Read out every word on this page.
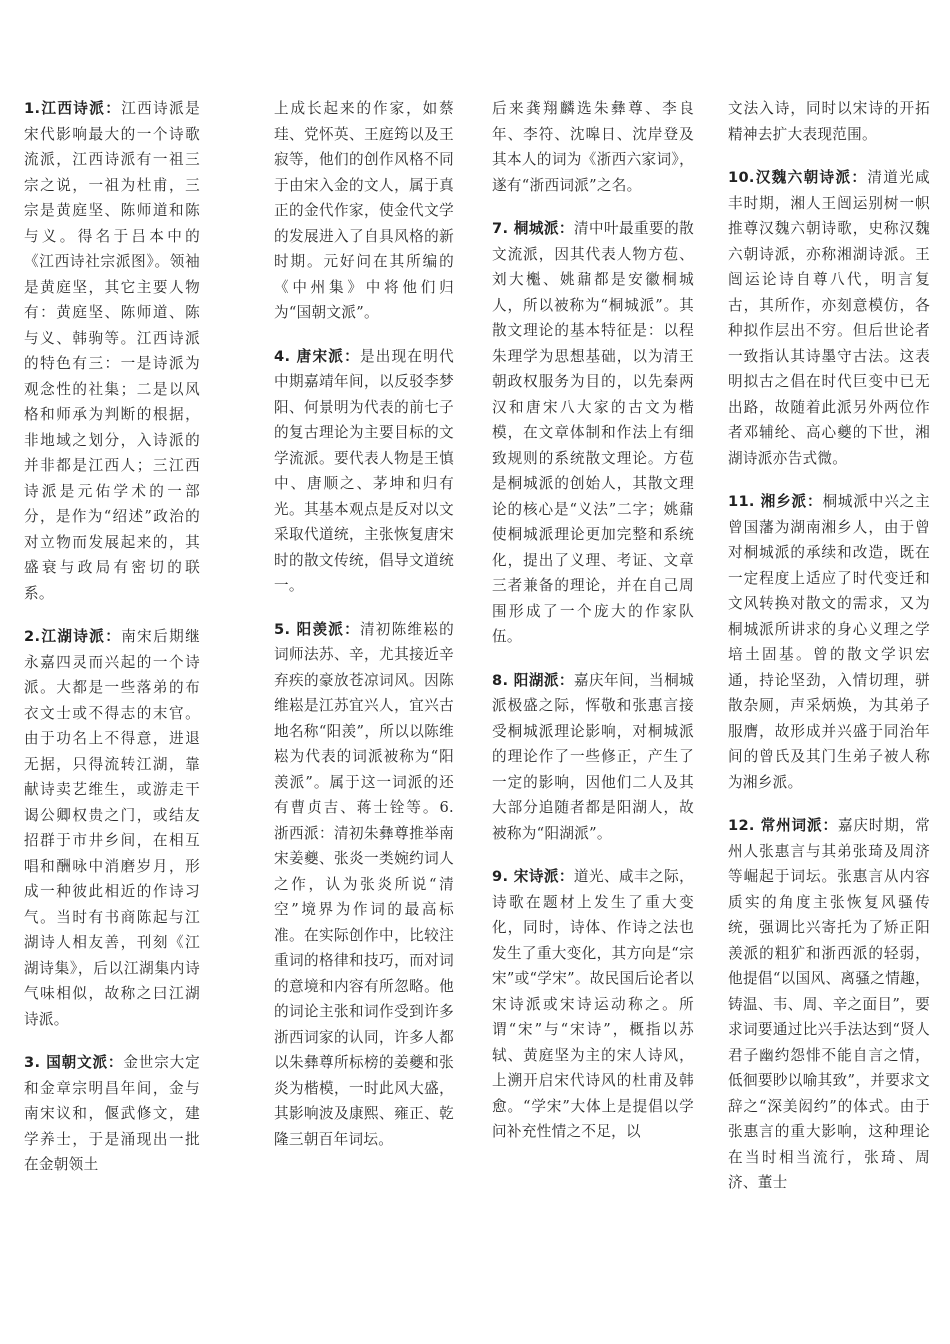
1.江西诗派：江西诗派是宋代影响最大的一个诗歌流派，江西诗派有一祖三宗之说，一祖为杜甫，三宗是黄庭坚、陈师道和陈与义。得名于吕本中的《江西诗社宗派图》。领袖是黄庭坚，其它主要人物有：黄庭坚、陈师道、陈与义、韩驹等。江西诗派的特色有三：一是诗派为观念性的社集；二是以风格和师承为判断的根据，非地域之划分，入诗派的并非都是江西人；三江西诗派是元佑学术的一部分，是作为“绍述”政治的对立物而发展起来的，其盛衰与政局有密切的联系。

2.江湖诗派：南宋后期继永嘉四灵而兴起的一个诗派。大都是一些落弟的布衣文士或不得志的末官。由于功名上不得意，进退无据，只得流转江湖，靠献诗卖艺维生，或游走干谒公卿权贵之门，或结友招群于市井乡间，在相互唱和酬咏中消磨岁月，形成一种彼此相近的作诗习气。当时有书商陈起与江湖诗人相友善，刊刻《江湖诗集》，后以江湖集内诗气味相似，故称之曰江湖诗派。

3. 国朝文派：金世宗大定和金章宗明昌年间，金与南宋议和，偃武修文，建学养士，于是涌现出一批在金朝领土

上成长起来的作家，如蔡珪、党怀英、王庭筠以及王寂等，他们的创作风格不同于由宋入金的文人，属于真正的金代作家，使金代文学的发展进入了自具风格的新时期。元好问在其所编的《中州集》中将他们归为“国朝文派”。

4. 唐宋派：是出现在明代中期嘉靖年间，以反驳李梦阳、何景明为代表的前七子的复古理论为主要目标的文学流派。要代表人物是王慎中、唐顺之、茅坤和归有光。其基本观点是反对以文采取代道统，主张恢复唐宋时的散文传统，倡导文道统一。

5. 阳羡派：清初陈维崧的词师法苏、辛，尤其接近辛弃疾的豪放苍凉词风。因陈维崧是江苏宜兴人，宜兴古地名称“阳羡”，所以以陈维崧为代表的词派被称为“阳羡派”。属于这一词派的还有曹贞吉、蒋士铨等。6. 浙西派：清初朱彝尊推举南宋姜夔、张炎一类婉约词人之作，认为张炎所说“清空”境界为作词的最高标准。在实际创作中，比较注重词的格律和技巧，而对词的意境和内容有所忽略。他的词论主张和词作受到许多浙西词家的认同，许多人都以朱彝尊所标榜的姜夔和张炎为楷模，一时此风大盛，其影响波及康熙、雍正、乾隆三朝百年词坛。

后来龚翔麟选朱彝尊、李良年、李符、沈嗥日、沈岸登及其本人的词为《浙西六家词》，遂有“浙西词派”之名。

7. 桐城派：清中叶最重要的散文流派，因其代表人物方苞、刘大櫆、姚鼐都是安徽桐城人，所以被称为“桐城派”。其散文理论的基本特征是：以程朱理学为思想基础，以为清王朝政权服务为目的，以先秦两汉和唐宋八大家的古文为楷模，在文章体制和作法上有细致规则的系统散文理论。方苞是桐城派的创始人，其散文理论的核心是“义法”二字；姚鼐使桐城派理论更加完整和系统化，提出了义理、考证、文章三者兼备的理论，并在自己周围形成了一个庞大的作家队伍。

8. 阳湖派：嘉庆年间，当桐城派极盛之际，恽敬和张惠言接受桐城派理论影响，对桐城派的理论作了一些修正，产生了一定的影响，因他们二人及其大部分追随者都是阳湖人，故被称为“阳湖派”。

9. 宋诗派：道光、咸丰之际，诗歌在题材上发生了重大变化，同时，诗体、作诗之法也发生了重大变化，其方向是“宗宋”或“学宋”。故民国后论者以宋诗派或宋诗运动称之。所谓“宋”与“宋诗”，概指以苏轼、黄庭坚为主的宋人诗风，上溯开启宋代诗风的杜甫及韩愈。“学宋”大体上是提倡以学问补充性情之不足，以

文法入诗，同时以宋诗的开拓精神去扩大表现范围。

10.汉魏六朝诗派：清道光咸丰时期，湘人王闿运别树一帜推尊汉魏六朝诗歌，史称汉魏六朝诗派，亦称湘湖诗派。王闿运论诗自尊八代，明言复古，其所作，亦刻意模仿，各种拟作层出不穷。但后世论者一致指认其诗墨守古法。这表明拟古之倡在时代巨变中已无出路，故随着此派另外两位作者邓辅纶、高心夔的下世，湘湖诗派亦告式微。

11. 湘乡派：桐城派中兴之主曾国藩为湖南湘乡人，由于曾对桐城派的承续和改造，既在一定程度上适应了时代变迁和文风转换对散文的需求，又为桐城派所讲求的身心义理之学培土固基。曾的散文学识宏通，持论坚劲，入情切理，骈散杂厕，声采炳焕，为其弟子服膺，故形成并兴盛于同治年间的曾氏及其门生弟子被人称为湘乡派。

12. 常州词派：嘉庆时期，常州人张惠言与其弟张琦及周济等崛起于词坛。张惠言从内容质实的角度主张恢复风骚传统，强调比兴寄托为了矫正阳羡派的粗犷和浙西派的轻弱，他提倡“以国风、离骚之情趣，铸温、韦、周、辛之面目”，要求词要通过比兴手法达到“贤人君子幽约怨悱不能自言之情，低徊要眇以喻其致”，并要求文辞之“深美闳约”的体式。由于张惠言的重大影响，这种理论在当时相当流行，张琦、周济、董士
